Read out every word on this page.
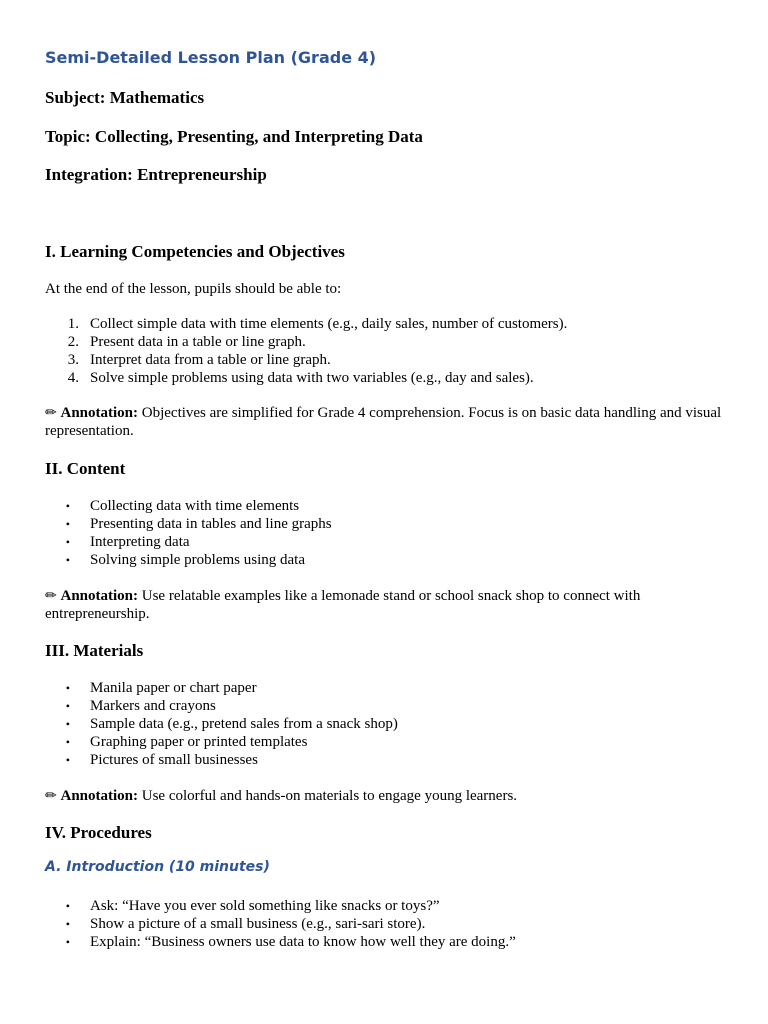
Semi-Detailed Lesson Plan (Grade 4)

Subject: Mathematics

Topic: Collecting, Presenting, and Interpreting Data

Integration: Entrepreneurship

I. Learning Competencies and Objectives

At the end of the lesson, pupils should be able to:

1. Collect simple data with time elements (e.g., daily sales, number of customers).
2. Present data in a table or line graph.
3. Interpret data from a table or line graph.
4. Solve simple problems using data with two variables (e.g., day and sales).

✏ Annotation: Objectives are simplified for Grade 4 comprehension. Focus is on basic data handling and visual representation.

II. Content
• Collecting data with time elements
• Presenting data in tables and line graphs
• Interpreting data
• Solving simple problems using data

✏ Annotation: Use relatable examples like a lemonade stand or school snack shop to connect with entrepreneurship.

III. Materials
• Manila paper or chart paper
• Markers and crayons
• Sample data (e.g., pretend sales from a snack shop)
• Graphing paper or printed templates
• Pictures of small businesses

✏ Annotation: Use colorful and hands-on materials to engage young learners.

IV. Procedures
A. Introduction (10 minutes)
• Ask: “Have you ever sold something like snacks or toys?”
• Show a picture of a small business (e.g., sari-sari store).
• Explain: “Business owners use data to know how well they are doing.”
